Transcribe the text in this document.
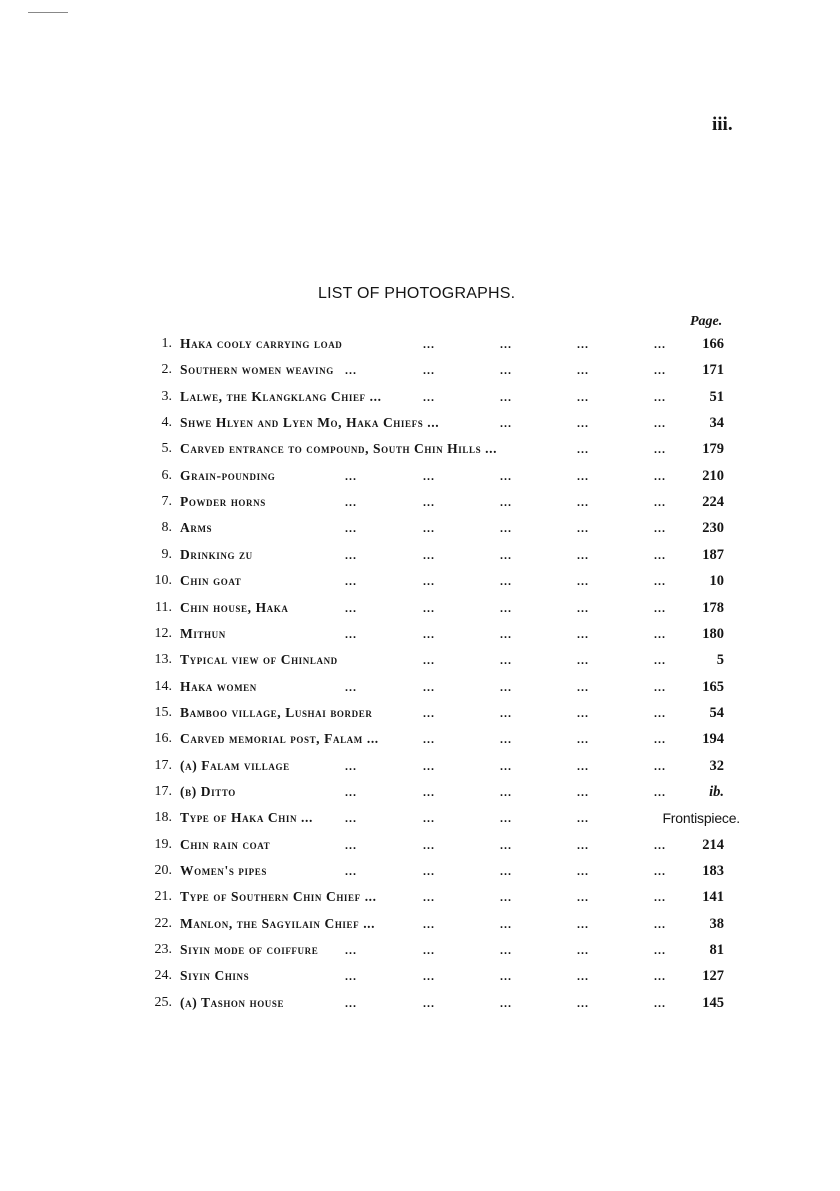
iii.
LIST OF PHOTOGRAPHS.
Page.
1. Haka cooly carrying load	166
...	...	...	...
2. Southern women weaving	171
...	...	...	...	...
3. Lalwe, the Klangklang Chief ...	51
...	...	...	...
4. Shwe Hlyen and Lyen Mo, Haka Chiefs ...	34
...	...	...
5. Carved entrance to compound, South Chin Hills ...	179
...	...
6. Grain-pounding	210
...	...	...	...	...
7. Powder horns	224
...	...	...	...	...
8. Arms	230
...	...	...	...	...
9. Drinking zu	187
...	...	...	...	...
10. Chin goat	10
...	...	...	...	...
11. Chin house, Haka	178
...	...	...	...	...
12. Mithun	180
...	...	...	...	...
13. Typical view of Chinland	5
...	...	...	...
14. Haka women	165
...	...	...	...	...
15. Bamboo village, Lushai border	54
...	...	...	...
16. Carved memorial post, Falam ...	194
...	...	...	...
17. (a) Falam village	32
...	...	...	...	...
17. (b) Ditto	ib.
...	...	...	...	...
18. Type of Haka Chin ...	Frontispiece.
...	...	...	...
19. Chin rain coat	214
...	...	...	...	...
20. Women's pipes	183
...	...	...	...	...
21. Type of Southern Chin Chief ...	141
...	...	...	...
22. Manlon, the Sagyilain Chief ...	38
...	...	...	...
23. Siyin mode of coiffure	81
...	...	...	...	...
24. Siyin Chins	127
...	...	...	...	...
25. (a) Tashon house	145
...	...	...	...	...
